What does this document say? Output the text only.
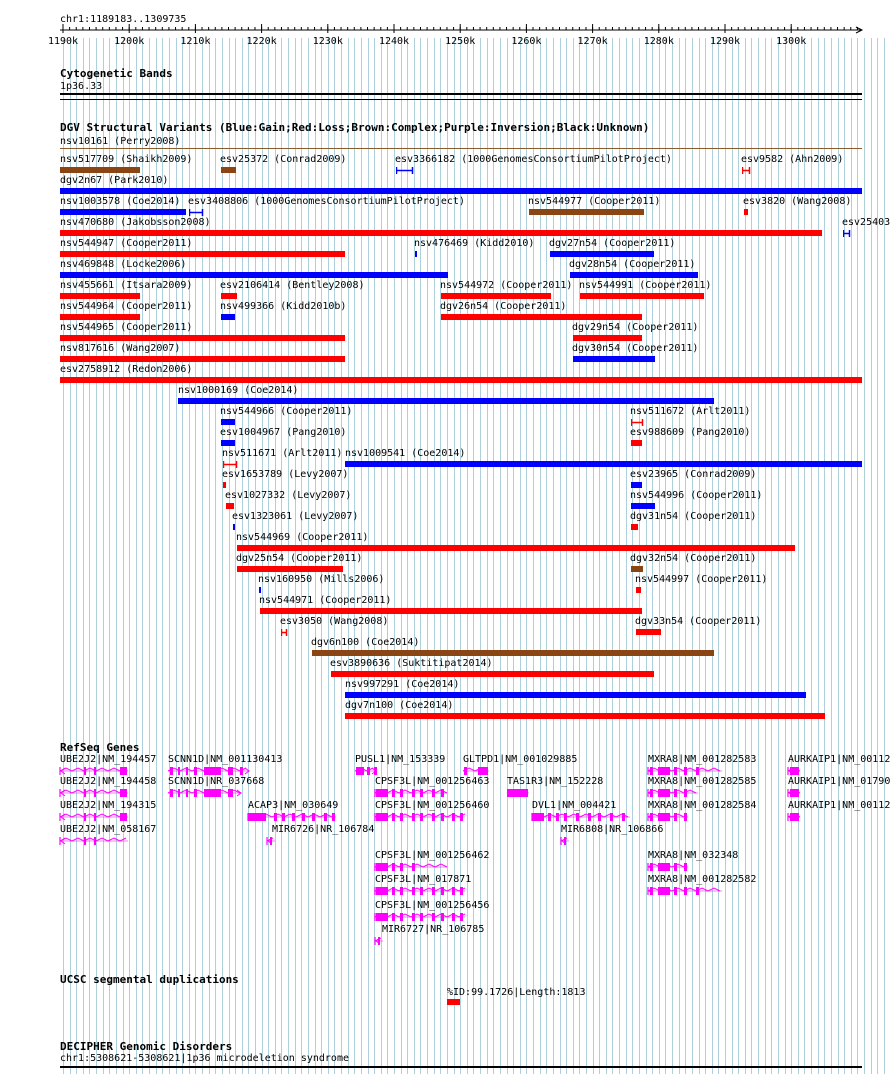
1190k	1200k	1210k	1220k	1230k	1240k	1250k	1260k	1270k	1280k	1290k	1300k
chr1:1189183..1309735
Cytogenetic Bands
1p36.33
DGV Structural Variants (Blue:Gain;Red:Loss;Brown:Complex;Purple:Inversion;Black:Unknown)
nsv10161 (Perry2008)
nsv517709 (Shaikh2009)	esv25372 (Conrad2009)	esv3366182 (1000GenomesConsortiumPilotProject)	esv9582 (Ahn2009)
dgv2n67 (Park2010)
nsv1003578 (Coe2014) esv3408806 (1000GenomesConsortiumPilotProject)	nsv544977 (Cooper2011)	esv3820 (Wang2008)
nsv470680 (Jakobsson2008)	esv25403
nsv544947 (Cooper2011)	nsv476469 (Kidd2010) dgv27n54 (Cooper2011)
nsv469848 (Locke2006)	dgv28n54 (Cooper2011)
nsv455661 (Itsara2009)	esv2106414 (Bentley2008)	nsv544972 (Cooper2011) nsv544991 (Cooper2011)
nsv544964 (Cooper2011)	nsv499366 (Kidd2010b)	dgv26n54 (Cooper2011)
nsv544965 (Cooper2011)	dgv29n54 (Cooper2011)
nsv817616 (Wang2007)	dgv30n54 (Cooper2011)
esv2758912 (Redon2006)
nsv1000169 (Coe2014)
nsv544966 (Cooper2011)	nsv511672 (Arlt2011)
esv1004967 (Pang2010)	esv988609 (Pang2010)
nsv511671 (Arlt2011) nsv1009541 (Coe2014)
esv1653789 (Levy2007)	esv23965 (Conrad2009)
esv1027332 (Levy2007)	nsv544996 (Cooper2011)
esv1323061 (Levy2007)	dgv31n54 (Cooper2011)
nsv544969 (Cooper2011)
dgv25n54 (Cooper2011)	dgv32n54 (Cooper2011)
nsv160950 (Mills2006)	nsv544997 (Cooper2011)
nsv544971 (Cooper2011)
esv3050 (Wang2008)	dgv33n54 (Cooper2011)
dgv6n100 (Coe2014)
esv3890636 (Suktitipat2014)
nsv997291 (Coe2014)
dgv7n100 (Coe2014)
RefSeq Genes
UBE2J2|NM_194457 SCNN1D|NM_001130413	PUSL1|NM_153339 GLTPD1|NM_001029885	MXRA8|NM_001282583	AURKAIP1|NM_00112
UBE2J2|NM_194458 SCNN1D|NR_037668	CPSF3L|NM_001256463 TAS1R3|NM_152228	MXRA8|NM_001282585	AURKAIP1|NM_01790
UBE2J2|NM_194315	ACAP3|NM_030649	CPSF3L|NM_001256460	DVL1|NM_004421	MXRA8|NM_001282584	AURKAIP1|NM_00112
UBE2J2|NM_058167	MIR6726|NR_106784	MIR6808|NR_106866
CPSF3L|NM_001256462	MXRA8|NM_032348
CPSF3L|NM_017871	MXRA8|NM_001282582
CPSF3L|NM_001256456
MIR6727|NR_106785
UCSC segmental duplications
%ID:99.1726|Length:1813
DECIPHER Genomic Disorders
chr1:5308621-5308621|1p36 microdeletion syndrome
